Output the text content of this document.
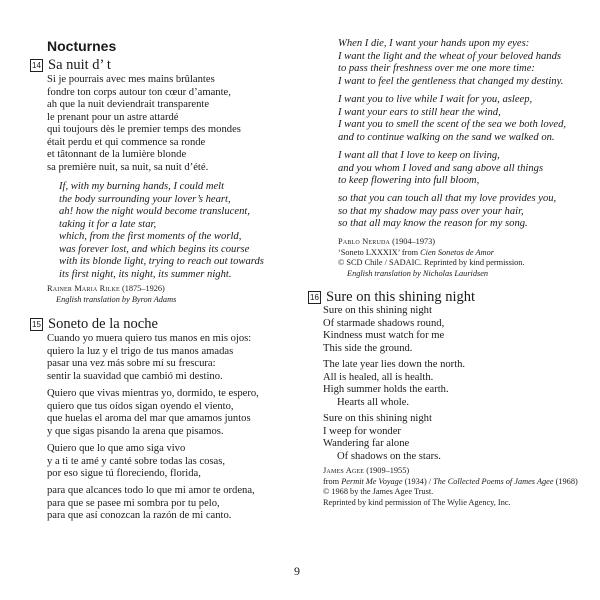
Nocturnes
14 Sa nuit d’ t
Si je pourrais avec mes mains brûlantes
fondre ton corps autour ton cœur d’amante,
ah que la nuit deviendrait transparente
le prenant pour un astre attardé
qui toujours dès le premier temps des mondes
était perdu et qui commence sa ronde
et tâtonnant de la lumière blonde
sa première nuit, sa nuit, sa nuit d’été.
If, with my burning hands, I could melt
the body surrounding your lover’s heart,
ah! how the night would become translucent,
taking it for a late star,
which, from the first moments of the world,
was forever lost, and which begins its course
with its blonde light, trying to reach out towards
its first night, its night, its summer night.
Rainer Maria Rilke (1875–1926)
English translation by Byron Adams
15 Soneto de la noche
Cuando yo muera quiero tus manos en mis ojos:
quiero la luz y el trigo de tus manos amadas
pasar una vez más sobre mí su frescura:
sentir la suavidad que cambió mi destino.
Quiero que vivas mientras yo, dormido, te espero,
quiero que tus oídos sigan oyendo el viento,
que huelas el aroma del mar que amamos juntos
y que sigas pisando la arena que pisamos.
Quiero que lo que amo siga vivo
y a ti te amé y canté sobre todas las cosas,
por eso sigue tú floreciendo, florida,
para que alcances todo lo que mi amor te ordena,
para que se pasee mi sombra por tu pelo,
para que así conozcan la razón de mi canto.
When I die, I want your hands upon my eyes:
I want the light and the wheat of your beloved hands
to pass their freshness over me one more time:
I want to feel the gentleness that changed my destiny.
I want you to live while I wait for you, asleep,
I want your ears to still hear the wind,
I want you to smell the scent of the sea we both loved,
and to continue walking on the sand we walked on.
I want all that I love to keep on living,
and you whom I loved and sang above all things
to keep flowering into full bloom,
so that you can touch all that my love provides you,
so that my shadow may pass over your hair,
so that all may know the reason for my song.
Pablo Neruda (1904–1973)
‘Soneto LXXXIX’ from Cien Sonetos de Amor
© SCD Chile / SADAIC. Reprinted by kind permission.
English translation by Nicholas Lauridsen
16 Sure on this shining night
Sure on this shining night
Of starmade shadows round,
Kindness must watch for me
This side the ground.
The late year lies down the north.
All is healed, all is health.
High summer holds the earth.
Hearts all whole.
Sure on this shining night
I weep for wonder
Wandering far alone
Of shadows on the stars.
James Agee (1909–1955)
from Permit Me Voyage (1934) / The Collected Poems of James Agee (1968)
© 1968 by the James Agee Trust.
Reprinted by kind permission of The Wylie Agency, Inc.
9
